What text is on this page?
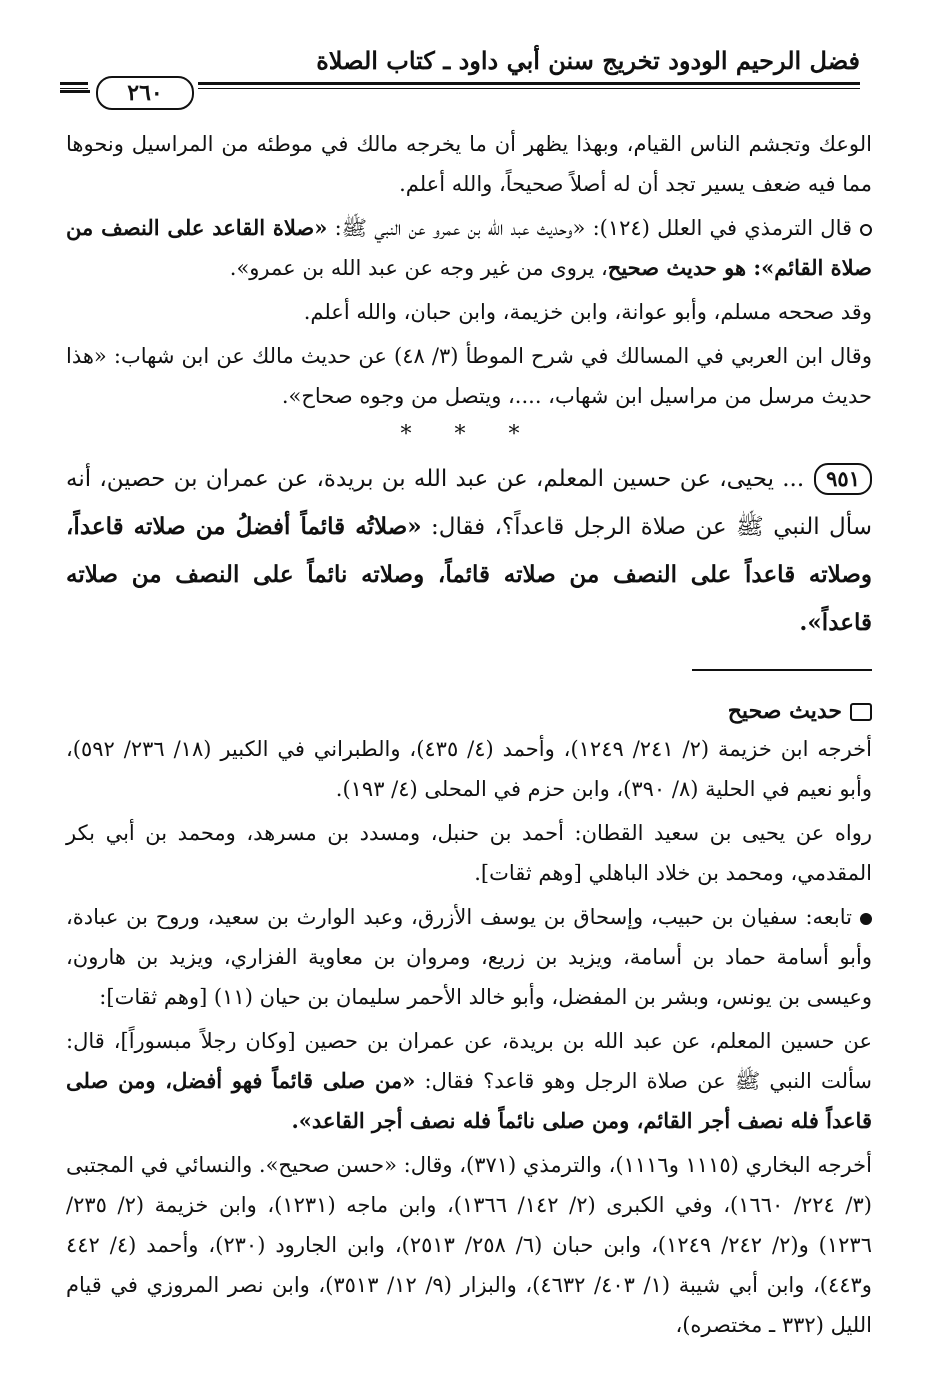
فضل الرحيم الودود تخريج سنن أبي داود ـ كتاب الصلاة
٢٦٠

الوعك وتجشم الناس القيام، وبهذا يظهر أن ما يخرجه مالك في موطئه من المراسيل ونحوها مما فيه ضعف يسير تجد أن له أصلاً صحيحاً، والله أعلم.

قال الترمذي في العلل (١٢٤): «وحديث عبد الله بن عمرو عن النبي ﷺ: «صلاة القاعد على النصف من صلاة القائم»: هو حديث صحيح، يروى من غير وجه عن عبد الله بن عمرو».

وقد صححه مسلم، وأبو عوانة، وابن خزيمة، وابن حبان، والله أعلم.

وقال ابن العربي في المسالك في شرح الموطأ (٣/ ٤٨) عن حديث مالك عن ابن شهاب: «هذا حديث مرسل من مراسيل ابن شهاب، ....، ويتصل من وجوه صحاح».

* * *

٩٥١... يحيى، عن حسين المعلم، عن عبد الله بن بريدة، عن عمران بن حصين، أنه سأل النبي ﷺ عن صلاة الرجل قاعداً؟، فقال: «صلاتُه قائماً أفضلُ من صلاته قاعداً، وصلاته قاعداً على النصف من صلاته قائماً، وصلاته نائماً على النصف من صلاته قاعداً».

حديث صحيح

أخرجه ابن خزيمة (٢/ ٢٤١/ ١٢٤٩)، وأحمد (٤/ ٤٣٥)، والطبراني في الكبير (١٨/ ٢٣٦/ ٥٩٢)، وأبو نعيم في الحلية (٨/ ٣٩٠)، وابن حزم في المحلى (٤/ ١٩٣).

رواه عن يحيى بن سعيد القطان: أحمد بن حنبل، ومسدد بن مسرهد، ومحمد بن أبي بكر المقدمي، ومحمد بن خلاد الباهلي [وهم ثقات].

تابعه: سفيان بن حبيب، وإسحاق بن يوسف الأزرق، وعبد الوارث بن سعيد، وروح بن عبادة، وأبو أسامة حماد بن أسامة، ويزيد بن زريع، ومروان بن معاوية الفزاري، ويزيد بن هارون، وعيسى بن يونس، وبشر بن المفضل، وأبو خالد الأحمر سليمان بن حيان (١١) [وهم ثقات]:

عن حسين المعلم، عن عبد الله بن بريدة، عن عمران بن حصين [وكان رجلاً مبسوراً]، قال: سألت النبي ﷺ عن صلاة الرجل وهو قاعد؟ فقال: «من صلى قائماً فهو أفضل، ومن صلى قاعداً فله نصف أجر القائم، ومن صلى نائماً فله نصف أجر القاعد».

أخرجه البخاري (١١١٥ و١١١٦)، والترمذي (٣٧١)، وقال: «حسن صحيح». والنسائي في المجتبى (٣/ ٢٢٤/ ١٦٦٠)، وفي الكبرى (٢/ ١٤٢/ ١٣٦٦)، وابن ماجه (١٢٣١)، وابن خزيمة (٢/ ٢٣٥/ ١٢٣٦) و(٢/ ٢٤٢/ ١٢٤٩)، وابن حبان (٦/ ٢٥٨/ ٢٥١٣)، وابن الجارود (٢٣٠)، وأحمد (٤/ ٤٤٢ و٤٤٣)، وابن أبي شيبة (١/ ٤٠٣/ ٤٦٣٢)، والبزار (٩/ ١٢/ ٣٥١٣)، وابن نصر المروزي في قيام الليل (٣٣٢ ـ مختصره)،
